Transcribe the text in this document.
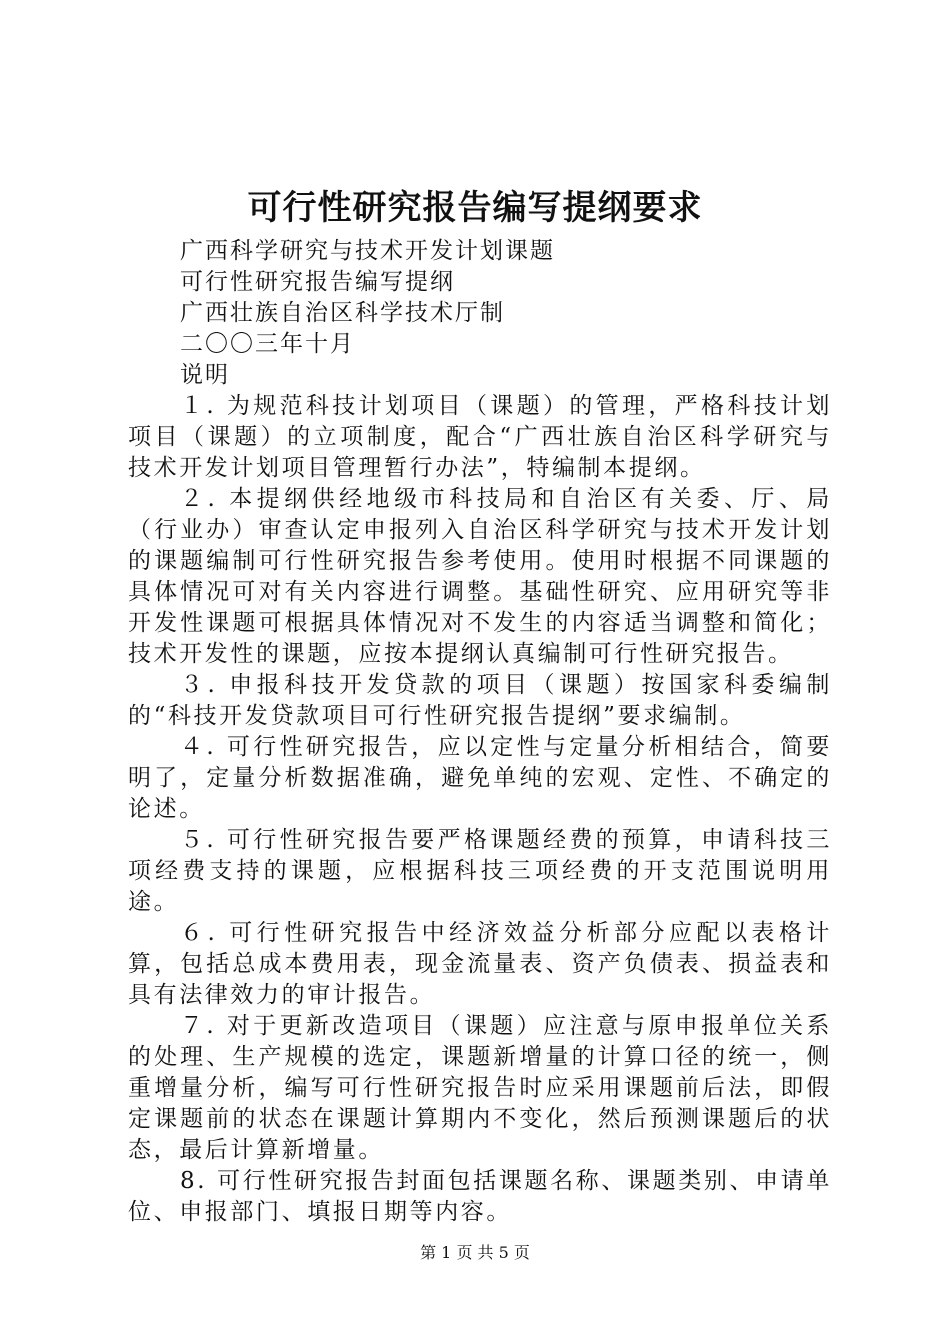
可行性研究报告编写提纲要求

广西科学研究与技术开发计划课题

可行性研究报告编写提纲

广西壮族自治区科学技术厅制

二〇〇三年十月

说明

１. 为规范科技计划项目（课题）的管理，严格科技计划项目（课题）的立项制度，配合“广西壮族自治区科学研究与技术开发计划项目管理暂行办法”，特编制本提纲。

２. 本提纲供经地级市科技局和自治区有关委、厅、局（行业办）审查认定申报列入自治区科学研究与技术开发计划的课题编制可行性研究报告参考使用。使用时根据不同课题的具体情况可对有关内容进行调整。基础性研究、应用研究等非开发性课题可根据具体情况对不发生的内容适当调整和简化；技术开发性的课题，应按本提纲认真编制可行性研究报告。

３. 申报科技开发贷款的项目（课题）按国家科委编制的“科技开发贷款项目可行性研究报告提纲”要求编制。

４. 可行性研究报告，应以定性与定量分析相结合，简要明了，定量分析数据准确，避免单纯的宏观、定性、不确定的论述。

５. 可行性研究报告要严格课题经费的预算，申请科技三项经费支持的课题，应根据科技三项经费的开支范围说明用途。

６. 可行性研究报告中经济效益分析部分应配以表格计算，包括总成本费用表，现金流量表、资产负债表、损益表和具有法律效力的审计报告。

７. 对于更新改造项目（课题）应注意与原申报单位关系的处理、生产规模的选定，课题新增量的计算口径的统一，侧重增量分析，编写可行性研究报告时应采用课题前后法，即假定课题前的状态在课题计算期内不变化，然后预测课题后的状态，最后计算新增量。

8. 可行性研究报告封面包括课题名称、课题类别、申请单位、申报部门、填报日期等内容。

第 1 页 共 5 页
